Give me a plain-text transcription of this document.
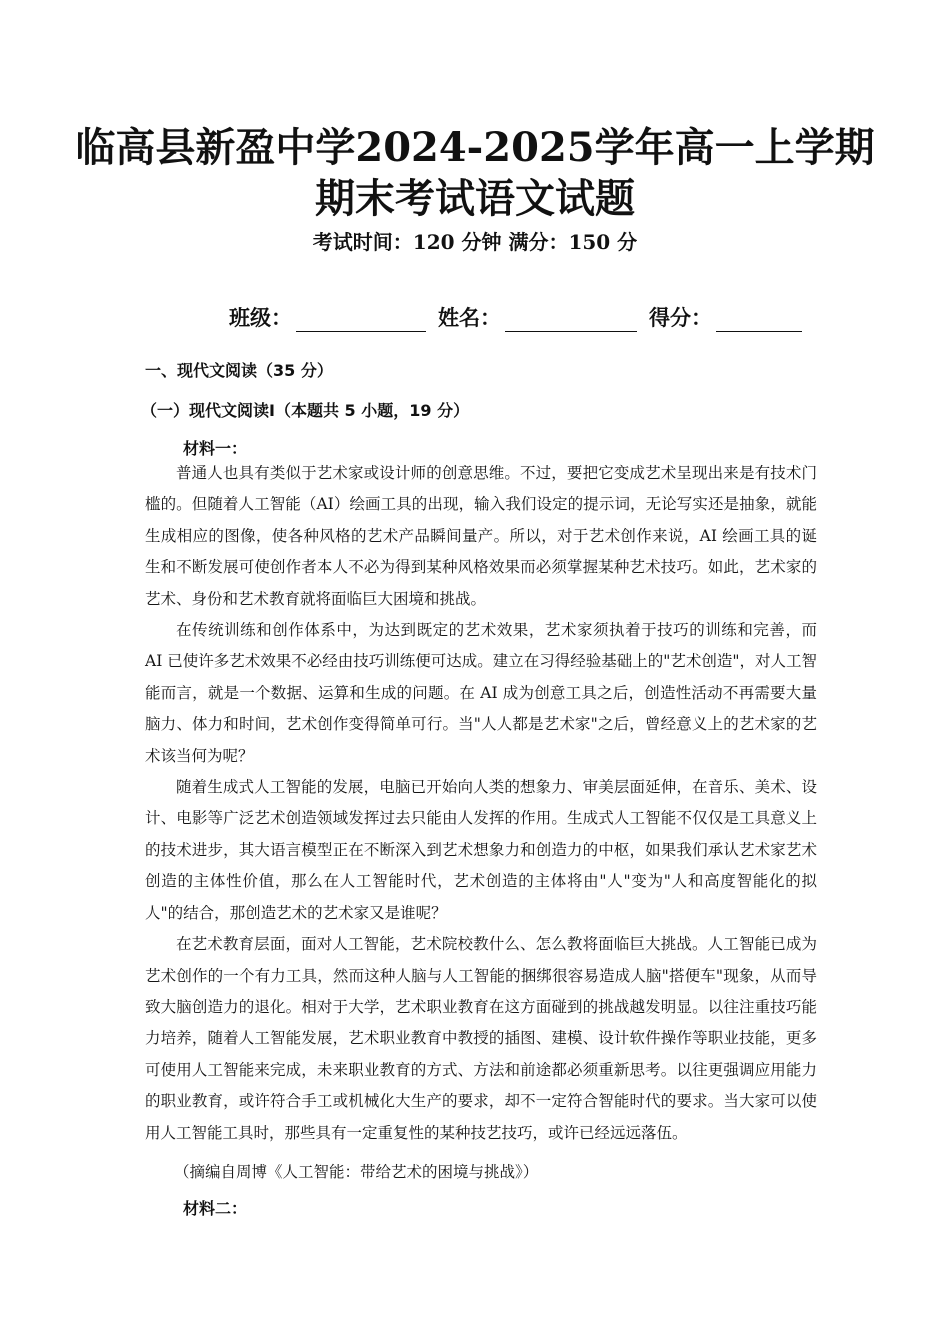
临高县新盈中学2024-2025学年高一上学期
期末考试语文试题
考试时间：120 分钟 满分：150 分
班级：	姓名：	得分：
一、现代文阅读（35 分）
（一）现代文阅读Ⅰ（本题共 5 小题，19 分）
材料一：

普通人也具有类似于艺术家或设计师的创意思维。不过，要把它变成艺术呈现出来是有技术门槛的。但随着人工智能（AI）绘画工具的出现，输入我们设定的提示词，无论写实还是抽象，就能生成相应的图像，使各种风格的艺术产品瞬间量产。所以，对于艺术创作来说，AI 绘画工具的诞生和不断发展可使创作者本人不必为得到某种风格效果而必须掌握某种艺术技巧。如此，艺术家的艺术、身份和艺术教育就将面临巨大困境和挑战。

在传统训练和创作体系中，为达到既定的艺术效果，艺术家须执着于技巧的训练和完善，而 AI 已使许多艺术效果不必经由技巧训练便可达成。建立在习得经验基础上的"艺术创造"，对人工智能而言，就是一个数据、运算和生成的问题。在 AI 成为创意工具之后，创造性活动不再需要大量脑力、体力和时间，艺术创作变得简单可行。当"人人都是艺术家"之后，曾经意义上的艺术家的艺术该当何为呢？

随着生成式人工智能的发展，电脑已开始向人类的想象力、审美层面延伸，在音乐、美术、设计、电影等广泛艺术创造领域发挥过去只能由人发挥的作用。生成式人工智能不仅仅是工具意义上的技术进步，其大语言模型正在不断深入到艺术想象力和创造力的中枢，如果我们承认艺术家艺术创造的主体性价值，那么在人工智能时代，艺术创造的主体将由"人"变为"人和高度智能化的拟人"的结合，那创造艺术的艺术家又是谁呢？

在艺术教育层面，面对人工智能，艺术院校教什么、怎么教将面临巨大挑战。人工智能已成为艺术创作的一个有力工具，然而这种人脑与人工智能的捆绑很容易造成人脑"搭便车"现象，从而导致大脑创造力的退化。相对于大学，艺术职业教育在这方面碰到的挑战越发明显。以往注重技巧能力培养，随着人工智能发展，艺术职业教育中教授的插图、建模、设计软件操作等职业技能，更多可使用人工智能来完成，未来职业教育的方式、方法和前途都必须重新思考。以往更强调应用能力的职业教育，或许符合手工或机械化大生产的要求，却不一定符合智能时代的要求。当大家可以使用人工智能工具时，那些具有一定重复性的某种技艺技巧，或许已经远远落伍。

（摘编自周博《人工智能：带给艺术的困境与挑战》）
材料二：
